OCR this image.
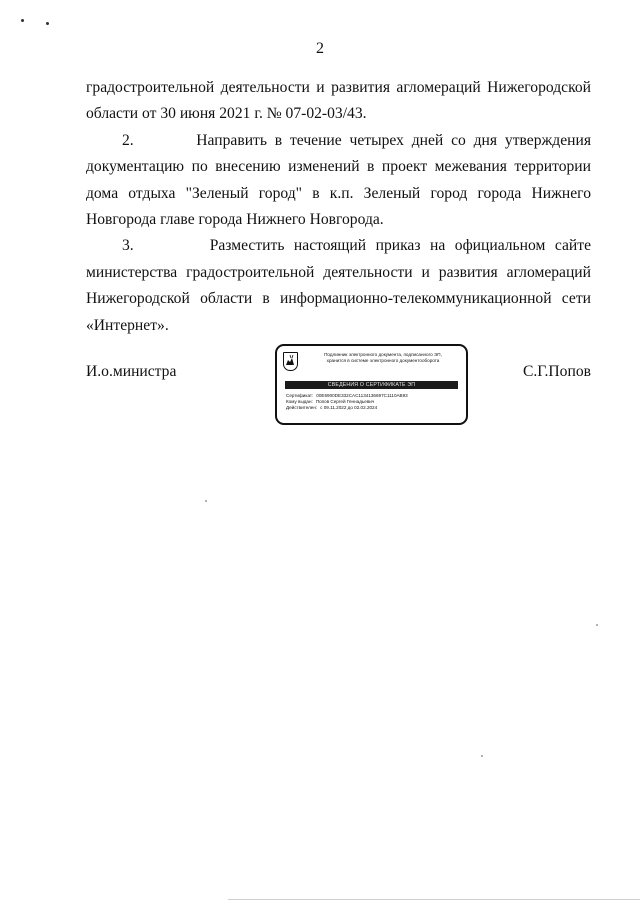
2

градостроительной деятельности и развития агломераций Нижегородской области от 30 июня 2021 г. № 07-02-03/43.

2.        Направить в течение четырех дней со дня утверждения документацию по внесению изменений в проект межевания территории дома отдыха "Зеленый город" в к.п. Зеленый город города Нижнего Новгорода главе города Нижнего Новгорода.

3.        Разместить настоящий приказ на официальном сайте министерства градостроительной деятельности и развития агломераций Нижегородской области в информационно-телекоммуникационной сети «Интернет».

И.о.министра
Подлинник электронного документа, подписанного ЭП,
хранится в системе электронного документооборота
СВЕДЕНИЯ О СЕРТИФИКАТЕ ЭП
Сертификат: 00E6900DE332CAC1134136697C1110AB93
Кому выдан: Попов Сергей Геннадьевич
Действителен: с 09.11.2022 до 02.02.2024
С.Г.Попов
